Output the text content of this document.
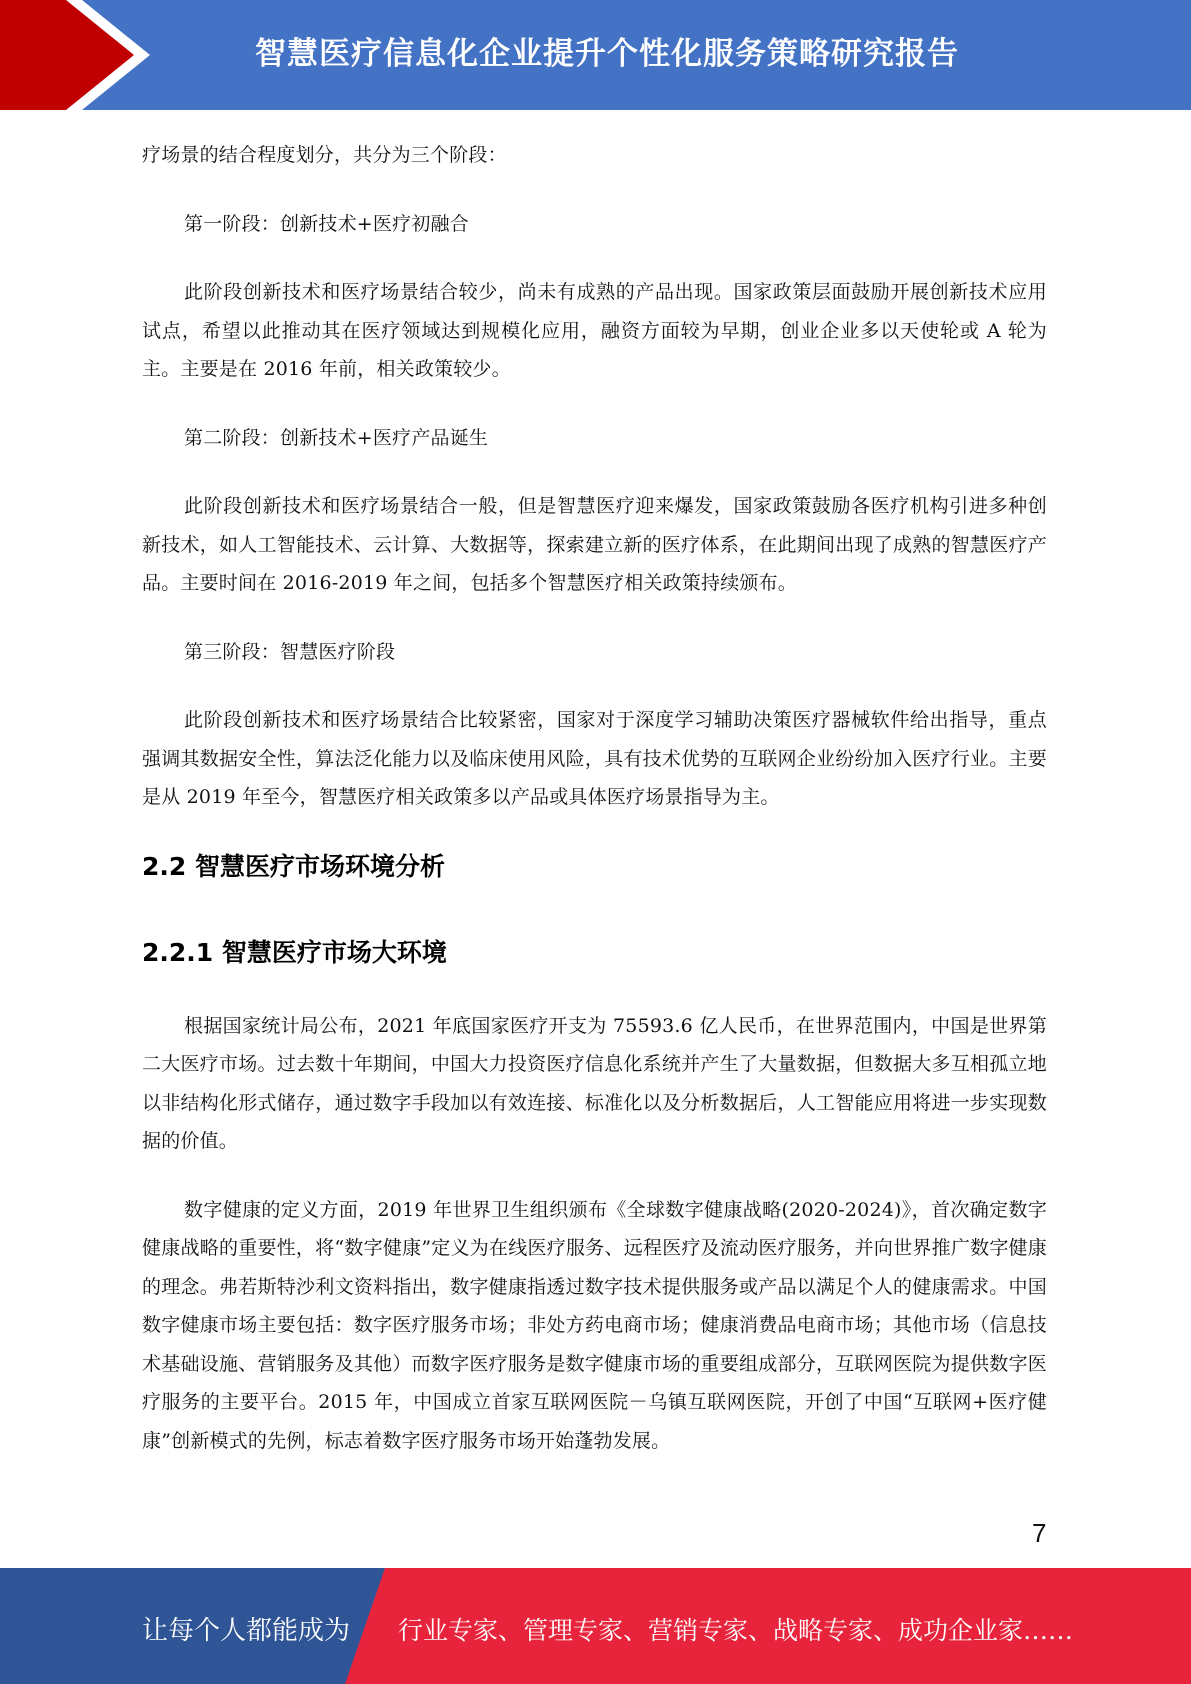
智慧医疗信息化企业提升个性化服务策略研究报告

疗场景的结合程度划分，共分为三个阶段：

第一阶段：创新技术+医疗初融合

此阶段创新技术和医疗场景结合较少，尚未有成熟的产品出现。国家政策层面鼓励开展创新技术应用试点，希望以此推动其在医疗领域达到规模化应用，融资方面较为早期，创业企业多以天使轮或 A 轮为主。主要是在 2016 年前，相关政策较少。

第二阶段：创新技术+医疗产品诞生

此阶段创新技术和医疗场景结合一般，但是智慧医疗迎来爆发，国家政策鼓励各医疗机构引进多种创新技术，如人工智能技术、云计算、大数据等，探索建立新的医疗体系，在此期间出现了成熟的智慧医疗产品。主要时间在 2016-2019 年之间，包括多个智慧医疗相关政策持续颁布。

第三阶段：智慧医疗阶段

此阶段创新技术和医疗场景结合比较紧密，国家对于深度学习辅助决策医疗器械软件给出指导，重点强调其数据安全性，算法泛化能力以及临床使用风险，具有技术优势的互联网企业纷纷加入医疗行业。主要是从 2019 年至今，智慧医疗相关政策多以产品或具体医疗场景指导为主。

2.2 智慧医疗市场环境分析
2.2.1 智慧医疗市场大环境

根据国家统计局公布，2021 年底国家医疗开支为 75593.6 亿人民币，在世界范围内，中国是世界第二大医疗市场。过去数十年期间，中国大力投资医疗信息化系统并产生了大量数据，但数据大多互相孤立地以非结构化形式储存，通过数字手段加以有效连接、标准化以及分析数据后，人工智能应用将进一步实现数据的价值。

数字健康的定义方面，2019 年世界卫生组织颁布《全球数字健康战略(2020-2024)》，首次确定数字健康战略的重要性，将“数字健康”定义为在线医疗服务、远程医疗及流动医疗服务，并向世界推广数字健康的理念。弗若斯特沙利文资料指出，数字健康指透过数字技术提供服务或产品以满足个人的健康需求。中国数字健康市场主要包括：数字医疗服务市场；非处方药电商市场；健康消费品电商市场；其他市场（信息技术基础设施、营销服务及其他）而数字医疗服务是数字健康市场的重要组成部分，互联网医院为提供数字医疗服务的主要平台。2015 年，中国成立首家互联网医院－乌镇互联网医院，开创了中国“互联网+医疗健康”创新模式的先例，标志着数字医疗服务市场开始蓬勃发展。

7
让每个人都能成为 行业专家、管理专家、营销专家、战略专家、成功企业家……
